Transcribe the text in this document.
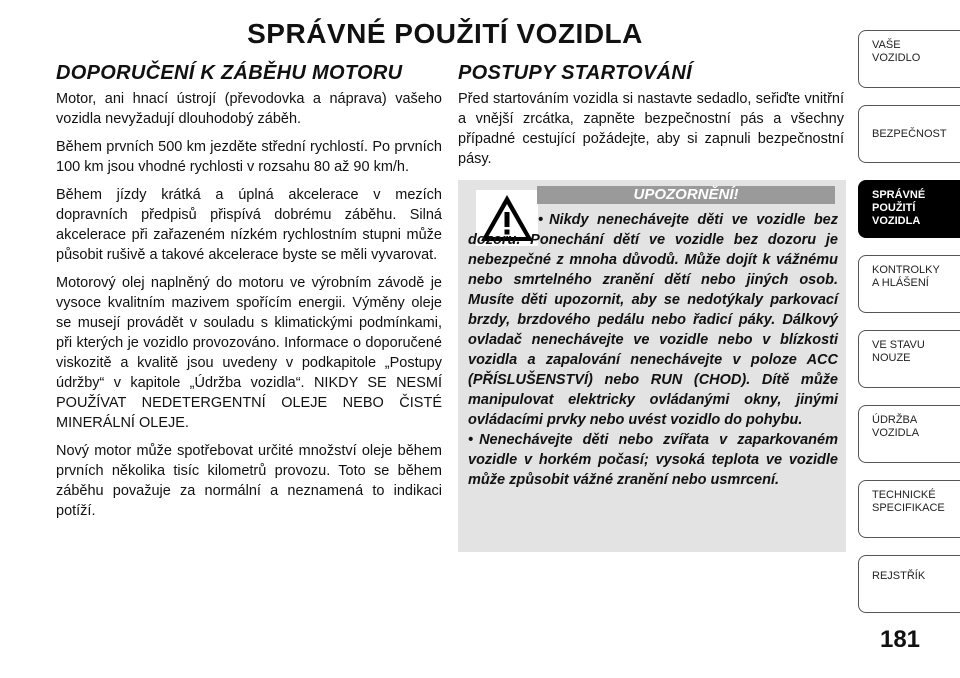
SPRÁVNÉ POUŽITÍ VOZIDLA
DOPORUČENÍ K ZÁBĚHU MOTORU

Motor, ani hnací ústrojí (převodovka a náprava) vašeho vozidla nevyžadují dlouhodobý záběh.

Během prvních 500 km jezděte střední rychlostí. Po prvních 100 km jsou vhodné rychlosti v rozsahu 80 až 90 km/h.

Během jízdy krátká a úplná akcelerace v mezích dopravních předpisů přispívá dobrému záběhu. Silná akcelerace při zařazeném nízkém rychlostním stupni může působit rušivě a takové akcelerace byste se měli vyvarovat.

Motorový olej naplněný do motoru ve výrobním závodě je vysoce kvalitním mazivem spořícím energii. Výměny oleje se musejí provádět v souladu s klimatickými podmínkami, při kterých je vozidlo provozováno. Informace o doporučené viskozitě a kvalitě jsou uvedeny v podkapitole „Postupy údržby“ v kapitole „Údržba vozidla“. NIKDY SE NESMÍ POUŽÍVAT NEDETERGENTNÍ OLEJE NEBO ČISTÉ MINERÁLNÍ OLEJE.

Nový motor může spotřebovat určité množství oleje během prvních několika tisíc kilometrů provozu. Toto se během záběhu považuje za normální a neznamená to indikaci potíží.

POSTUPY STARTOVÁNÍ

Před startováním vozidla si nastavte sedadlo, seřiďte vnitřní a vnější zrcátka, zapněte bezpečnostní pás a všechny případné cestující požádejte, aby si zapnuli bezpečnostní pásy.

UPOZORNĚNÍ!

• Nikdy nenechávejte děti ve vozidle bez dozoru. Ponechání dětí ve vozidle bez dozoru je nebezpečné z mnoha důvodů. Může dojít k vážnému nebo smrtelného zranění dětí nebo jiných osob. Musíte děti upozornit, aby se nedotýkaly parkovací brzdy, brzdového pedálu nebo řadicí páky. Dálkový ovladač nenechávejte ve vozidle nebo v blízkosti vozidla a zapalování nenechávejte v poloze ACC (PŘÍSLUŠENSTVÍ) nebo RUN (CHOD). Dítě může manipulovat elektricky ovládanými okny, jinými ovládacími prvky nebo uvést vozidlo do pohybu.

• Nenechávejte děti nebo zvířata v zaparkovaném vozidle v horkém počasí; vysoká teplota ve vozidle může způsobit vážné zranění nebo usmrcení.

VAŠE
VOZIDLO
BEZPEČNOST
SPRÁVNÉ
POUŽITÍ
VOZIDLA
KONTROLKY
A HLÁŠENÍ
VE STAVU
NOUZE
ÚDRŽBA
VOZIDLA
TECHNICKÉ
SPECIFIKACE
REJSTŘÍK
181
